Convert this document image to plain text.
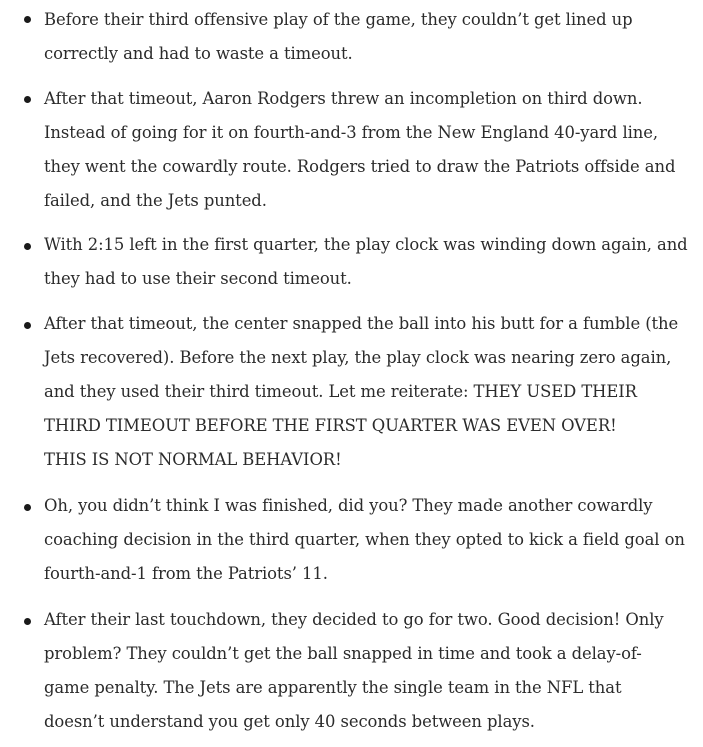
Before their third offensive play of the game, they couldn’t get lined up
correctly and had to waste a timeout.

After that timeout, Aaron Rodgers threw an incompletion on third down.
Instead of going for it on fourth-and-3 from the New England 40-yard line,
they went the cowardly route. Rodgers tried to draw the Patriots offside and
failed, and the Jets punted.

With 2:15 left in the first quarter, the play clock was winding down again, and
they had to use their second timeout.

After that timeout, the center snapped the ball into his butt for a fumble (the
Jets recovered). Before the next play, the play clock was nearing zero again,
and they used their third timeout. Let me reiterate: THEY USED THEIR
THIRD TIMEOUT BEFORE THE FIRST QUARTER WAS EVEN OVER!
THIS IS NOT NORMAL BEHAVIOR!

Oh, you didn’t think I was finished, did you? They made another cowardly
coaching decision in the third quarter, when they opted to kick a field goal on
fourth-and-1 from the Patriots’ 11.

After their last touchdown, they decided to go for two. Good decision! Only
problem? They couldn’t get the ball snapped in time and took a delay-of-
game penalty. The Jets are apparently the single team in the NFL that
doesn’t understand you get only 40 seconds between plays.
